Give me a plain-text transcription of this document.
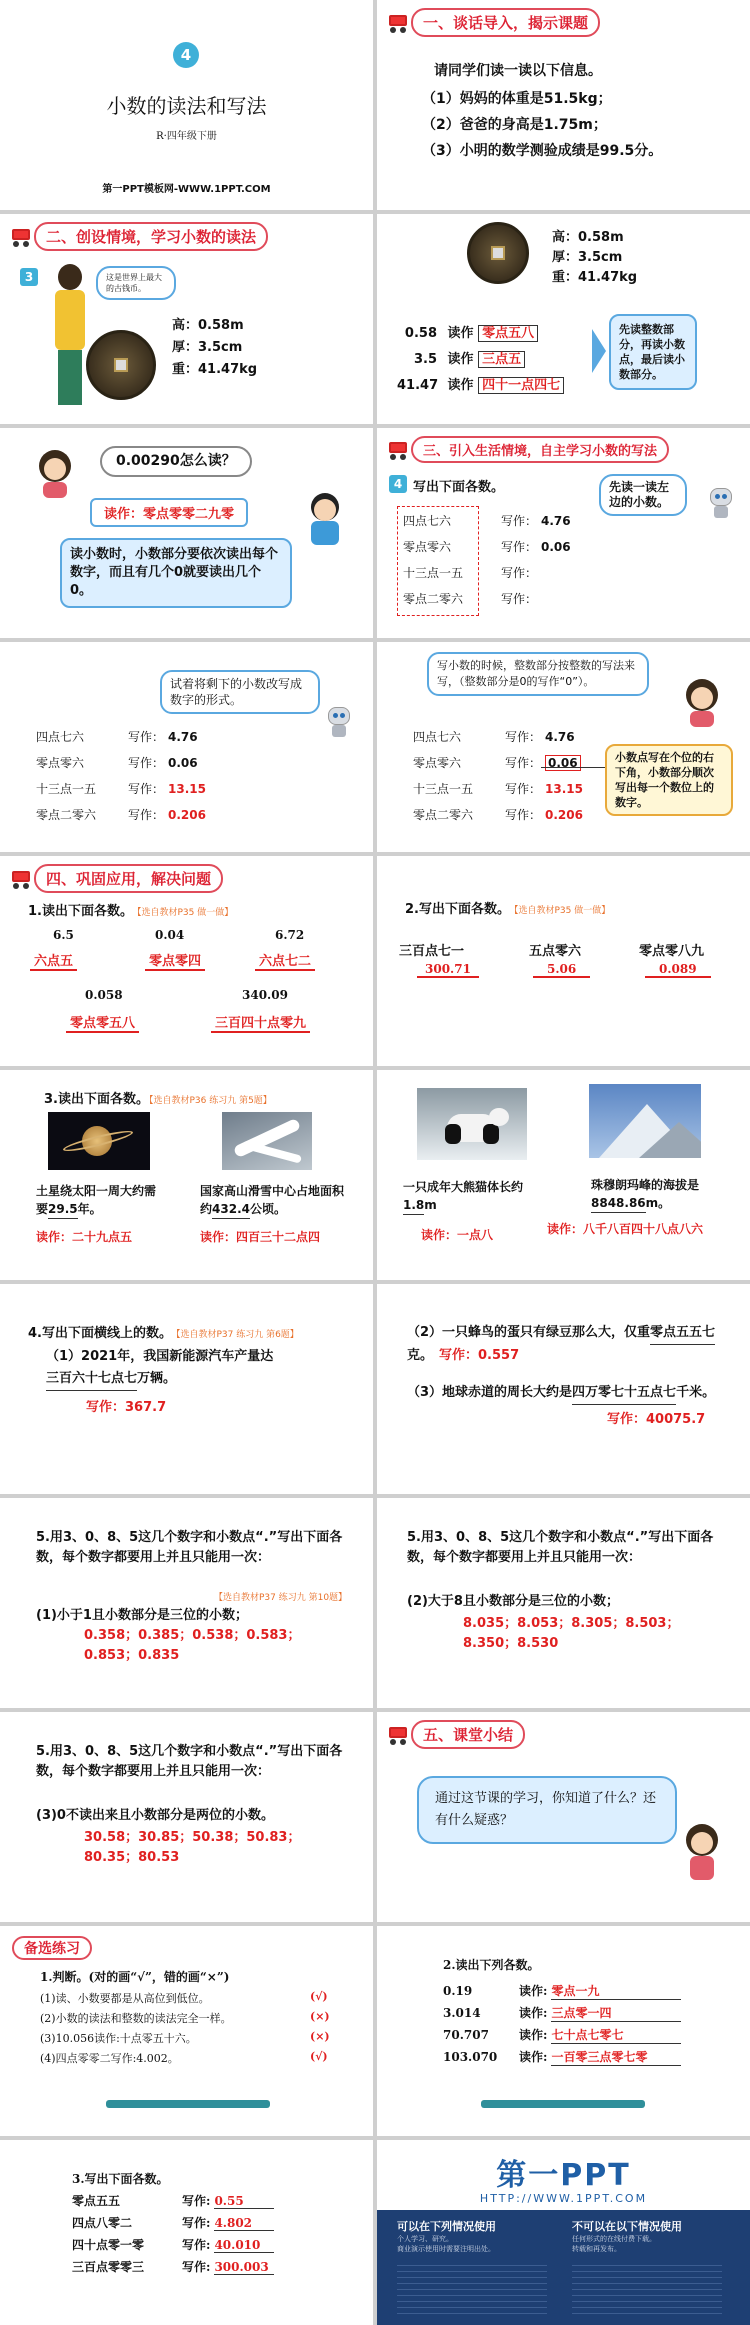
4
小数的读法和写法
R·四年级下册
第一PPT模板网-WWW.1PPT.COM
一、谈话导入，揭示课题
请同学们读一读以下信息。
（1）妈妈的体重是51.5kg；
（2）爸爸的身高是1.75m；
（3）小明的数学测验成绩是99.5分。
二、创设情境，学习小数的读法
3	这是世界上最大的古钱币。
高：0.58m
厚：3.5cm
重：41.47kg
高：0.58m
厚：3.5cm
重：41.47kg
0.58 读作 零点五八
3.5 读作 三点五
41.47 读作 四十一点四七
先读整数部分，再读小数点，最后读小数部分。
0.00290怎么读？
读作：零点零零二九零
读小数时，小数部分要依次读出每个数字，而且有几个0就要读出几个0。
三、引入生活情境，自主学习小数的写法
4 写出下面各数。	先读一读左边的小数。
四点七六	写作： 4.76
零点零六	写作： 0.06
十三点一五	写作：
零点二零六	写作：
试着将剩下的小数改写成数字的形式。
四点七六	写作： 4.76
零点零六	写作： 0.06
十三点一五	写作： 13.15
零点二零六	写作： 0.206
写小数的时候，整数部分按整数的写法来写，（整数部分是0的写作“0”）。
四点七六	写作： 4.76
零点零六	写作： 0.06
十三点一五	写作： 13.15
零点二零六	写作： 0.206
小数点写在个位的右下角，小数部分顺次写出每一个数位上的数字。
四、巩固应用，解决问题
1.读出下面各数。 【选自教材P35 做一做】
6.5
六点五
0.04
零点零四
6.72
六点七二
0.058
零点零五八
340.09
三百四十点零九
2.写出下面各数。 【选自教材P35 做一做】
三百点七一
300.71
五点零六
5.06
零点零八九
0.089
3.读出下面各数。【选自教材P36 练习九 第5题】
土星绕太阳一周大约需要29.5年。
读作：二十九点五
国家高山滑雪中心占地面积约432.4公顷。
读作：四百三十二点四
一只成年大熊猫体长约1.8m
读作：一点八
珠穆朗玛峰的海拔是8848.86m。
读作：八千八百四十八点八六
4.写出下面横线上的数。 【选自教材P37 练习九 第6题】
（1）2021年，我国新能源汽车产量达三百六十七点七万辆。
写作：367.7
（2）一只蜂鸟的蛋只有绿豆那么大，仅重零点五五七克。 写作：0.557
（3）地球赤道的周长大约是四万零七十五点七千米。
写作：40075.7
5.用3、0、8、5这几个数字和小数点“.”写出下面各数，每个数字都要用上并且只能用一次：
【选自教材P37 练习九 第10题】
(1)小于1且小数部分是三位的小数；
0.358；0.385；0.538；0.583；0.853；0.835
5.用3、0、8、5这几个数字和小数点“.”写出下面各数，每个数字都要用上并且只能用一次：
(2)大于8且小数部分是三位的小数；
8.035；8.053；8.305；8.503；8.350；8.530
5.用3、0、8、5这几个数字和小数点“.”写出下面各数，每个数字都要用上并且只能用一次：
(3)0不读出来且小数部分是两位的小数。
30.58；30.85；50.38；50.83；80.35；80.53
五、课堂小结
通过这节课的学习，你知道了什么？还有什么疑惑？
备选练习
1.判断。(对的画“√”，错的画“×”)
(1)读、小数要都是从高位到低位。	(√)
(2)小数的读法和整数的读法完全一样。	(×)
(3)10.056读作:十点零五十六。	(×)
(4)四点零零二写作:4.002。	(√)
2.读出下列各数。
0.19	读作: 零点一九
3.014	读作: 三点零一四
70.707	读作: 七十点七零七
103.070 读作: 一百零三点零七零
3.写出下面各数。
零点五五	写作: 0.55
四点八零二	写作: 4.802
四十点零一零	写作: 40.010
三百点零零三	写作: 300.003
第一PPT
HTTP://WWW.1PPT.COM
可以在下列情况使用
个人学习、研究。
商业演示使用时需要注明出处。
不可以在以下情况使用
任何形式的在线付费下载。
转载和再发布。
